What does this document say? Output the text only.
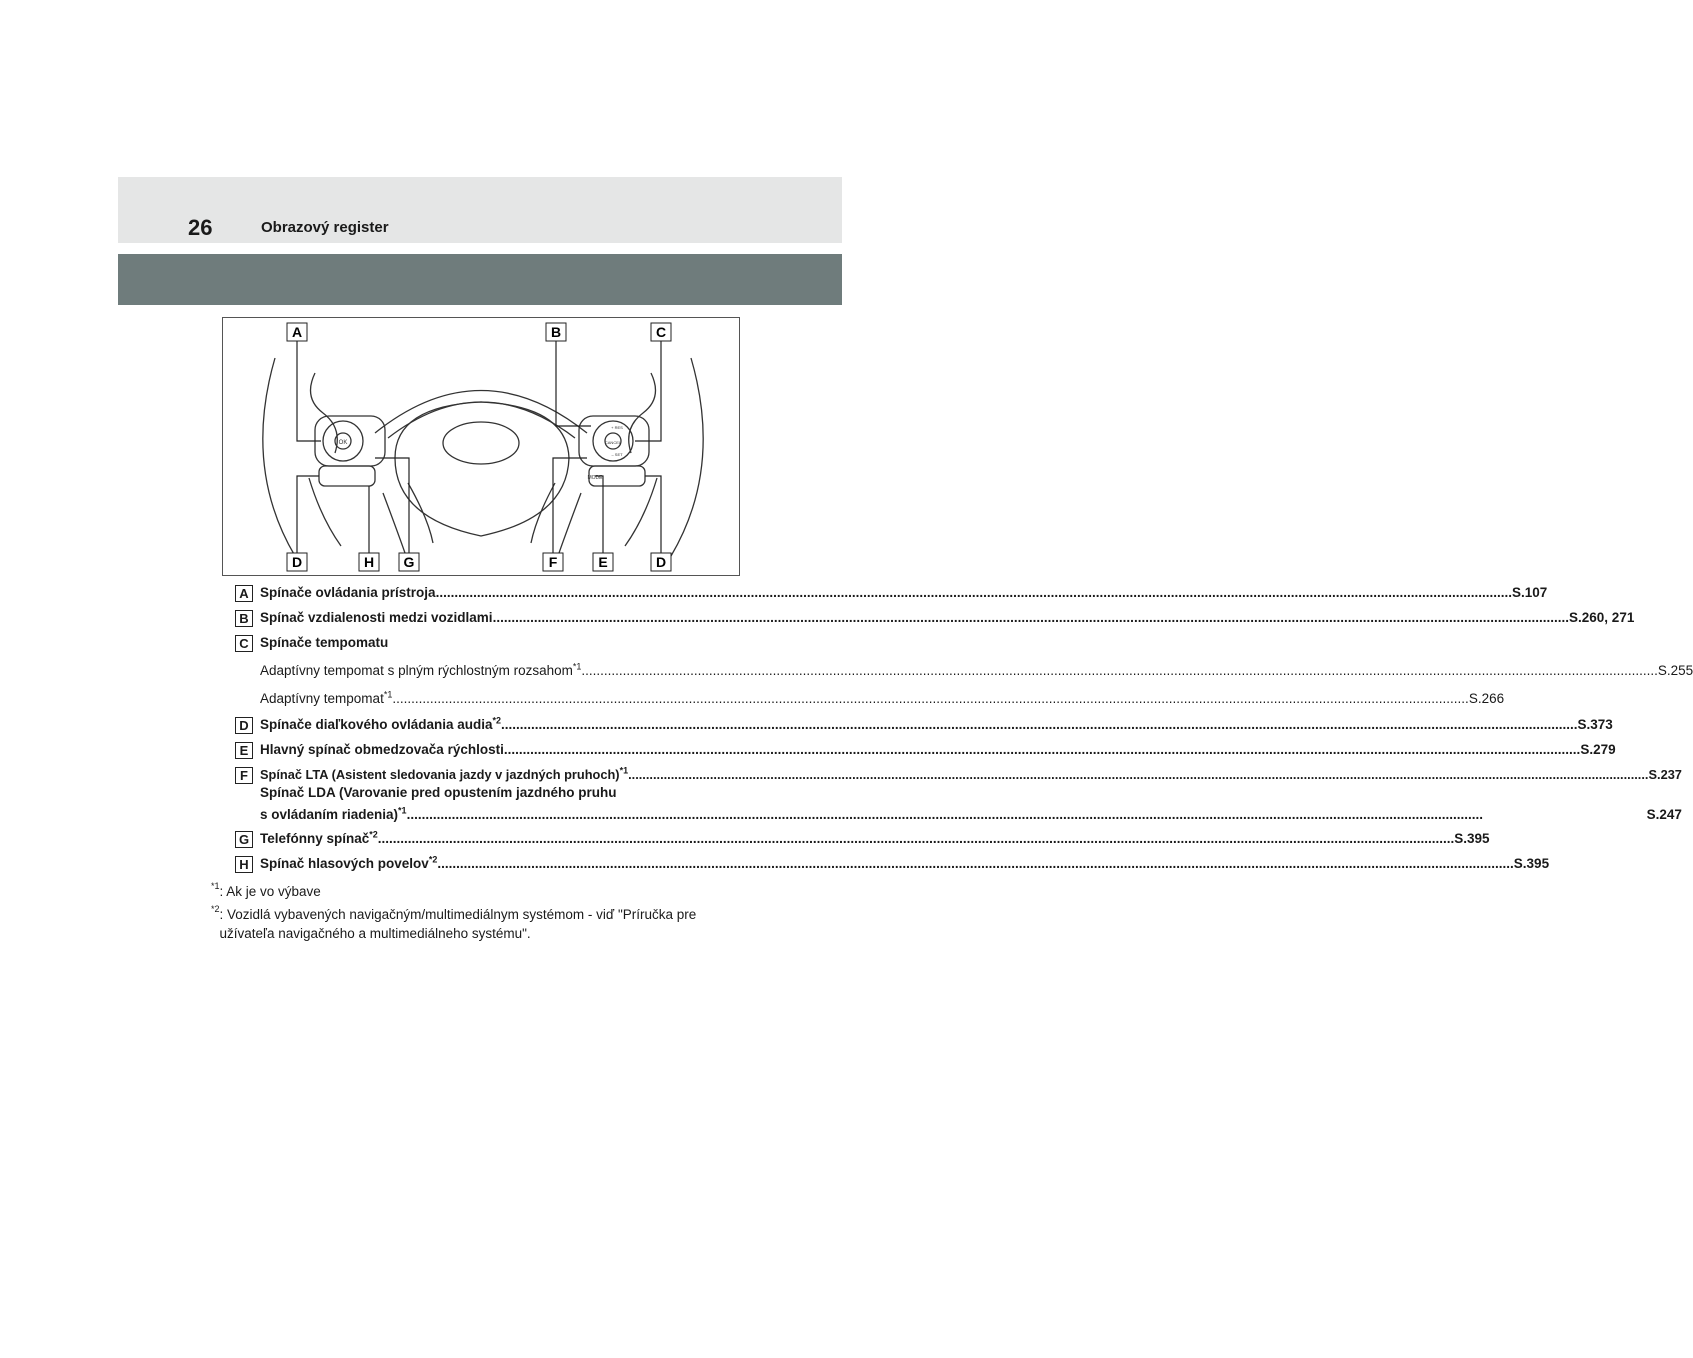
26	Obrazový register
OK
MODE
CANCEL
+ RES
– SET
A	B	C
D	H G	F	E	D
A Spínače ovládania prístroja .....	S.107
B Spínač vzdialenosti medzi vozidlami .....	S.260, 271
C Spínače tempomatu
Adaptívny tempomat s plným rýchlostným rozsahom$^{*1}$ .....	S.255
Adaptívny tempomat$^{*1}$ .....	S.266
D Spínače diaľkového ovládania audia$^{*2}$ .....	S.373
E Hlavný spínač obmedzovača rýchlosti .....	S.279
F Spínač LTA (Asistent sledovania jazdy v jazdných pruhoch)$^{*1}$ .....	S.237
Spínač LDA (Varovanie pred opustením jazdného pruhu
s ovládaním riadenia)$^{*1}$ .....	S.247
G Telefónny spínač$^{*2}$ .....	S.395
H Spínač hlasových povelov$^{*2}$ .....	S.395
*1 : Ak je vo výbave
*2 : Vozidlá vybavených navigačným/multimediálnym systémom - viď "Príručka pre užívateľa navigačného a multimediálneho systému".
